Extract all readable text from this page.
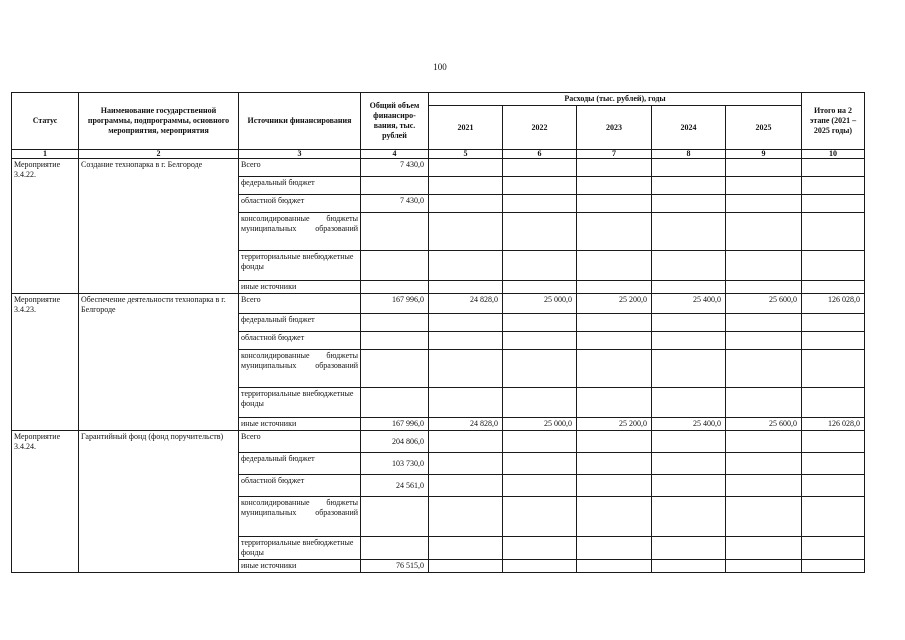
100
Статус	Наименование государственной программы, подпрограммы, основного мероприятия, мероприятия	Источники финансирования	Общий объем финансиро-вания, тыс. рублей	Расходы (тыс. рублей), годы					Итого на 2 этапе (2021 – 2025 годы)
				2021	2022	2023	2024	2025	
1	2	3	4	5	6	7	8	9	10
Мероприятие 3.4.22.	Создание технопарка в г. Белгороде	Всего	7 430,0						
		федеральный бюджет							
		областной бюджет	7 430,0						
		консолидированные бюджеты муниципальных образований							
		территориальные внебюджетные фонды							
		иные источники							
Мероприятие 3.4.23.	Обеспечение деятельности технопарка в г. Белгороде	Всего	167 996,0	24 828,0	25 000,0	25 200,0	25 400,0	25 600,0	126 028,0
		федеральный бюджет							
		областной бюджет							
		консолидированные бюджеты муниципальных образований							
		территориальные внебюджетные фонды							
		иные источники	167 996,0	24 828,0	25 000,0	25 200,0	25 400,0	25 600,0	126 028,0
Мероприятие 3.4.24.	Гарантийный фонд (фонд поручительств)	Всего	204 806,0						
		федеральный бюджет	103 730,0						
		областной бюджет	24 561,0						
		консолидированные бюджеты муниципальных образований							
		территориальные внебюджетные фонды							
		иные источники	76 515,0						
